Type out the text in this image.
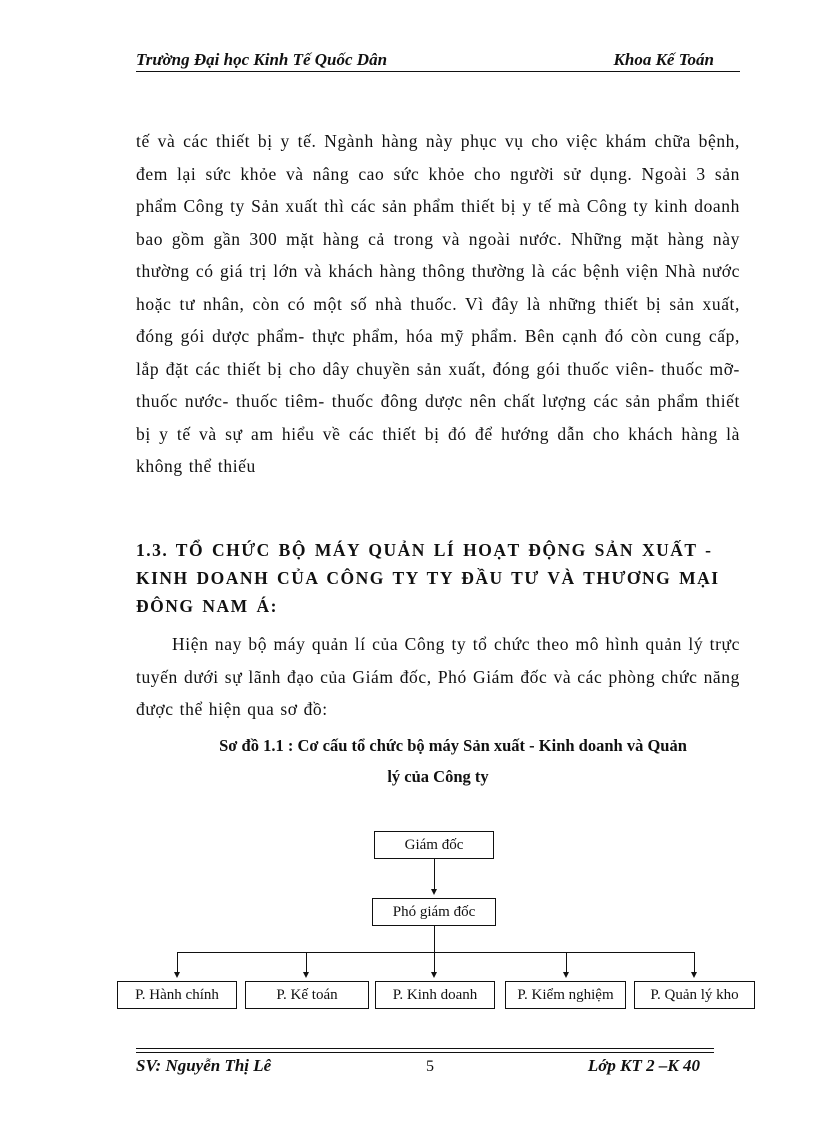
Trường Đại học Kinh Tế Quốc Dân	Khoa Kế Toán
tế và các thiết bị y tế. Ngành hàng này phục vụ cho việc khám chữa bệnh, đem lại sức khỏe và nâng cao sức khỏe cho người sử dụng. Ngoài 3 sản phẩm Công ty Sản xuất thì các sản phẩm thiết bị y tế mà Công ty kinh doanh bao gồm gần 300 mặt hàng cả trong và ngoài nước. Những mặt hàng này thường có giá trị lớn và khách hàng thông thường là các bệnh viện Nhà nước hoặc tư nhân, còn có một số nhà thuốc. Vì đây là những thiết bị sản xuất, đóng gói dược phẩm- thực phẩm, hóa mỹ phẩm. Bên cạnh đó còn cung cấp, lắp đặt các thiết bị cho dây chuyền sản xuất, đóng gói thuốc viên- thuốc mỡ- thuốc nước- thuốc tiêm- thuốc đông dược nên chất lượng các sản phẩm thiết bị y tế và sự am hiểu về các thiết bị đó để hướng dẫn cho khách hàng là không thể thiếu
1.3. TỔ CHỨC BỘ MÁY QUẢN LÍ HOẠT ĐỘNG SẢN XUẤT - KINH DOANH CỦA CÔNG TY TY ĐẦU TƯ VÀ THƯƠNG MẠI ĐÔNG NAM Á:
Hiện nay bộ máy quản lí của Công ty tổ chức theo mô hình quản lý trực tuyến dưới sự lãnh đạo của Giám đốc, Phó Giám đốc và các phòng chức năng được thể hiện qua sơ đồ:
Sơ đồ 1.1 : Cơ cấu tổ chức bộ máy Sản xuất - Kinh doanh và Quản
lý của Công ty
Giám đốc
Phó giám đốc
P. Hành chính	P. Kế toán	P. Kinh doanh	P. Kiểm nghiệm	P. Quản lý kho
SV: Nguyễn Thị Lê	5	Lớp KT 2 –K 40
